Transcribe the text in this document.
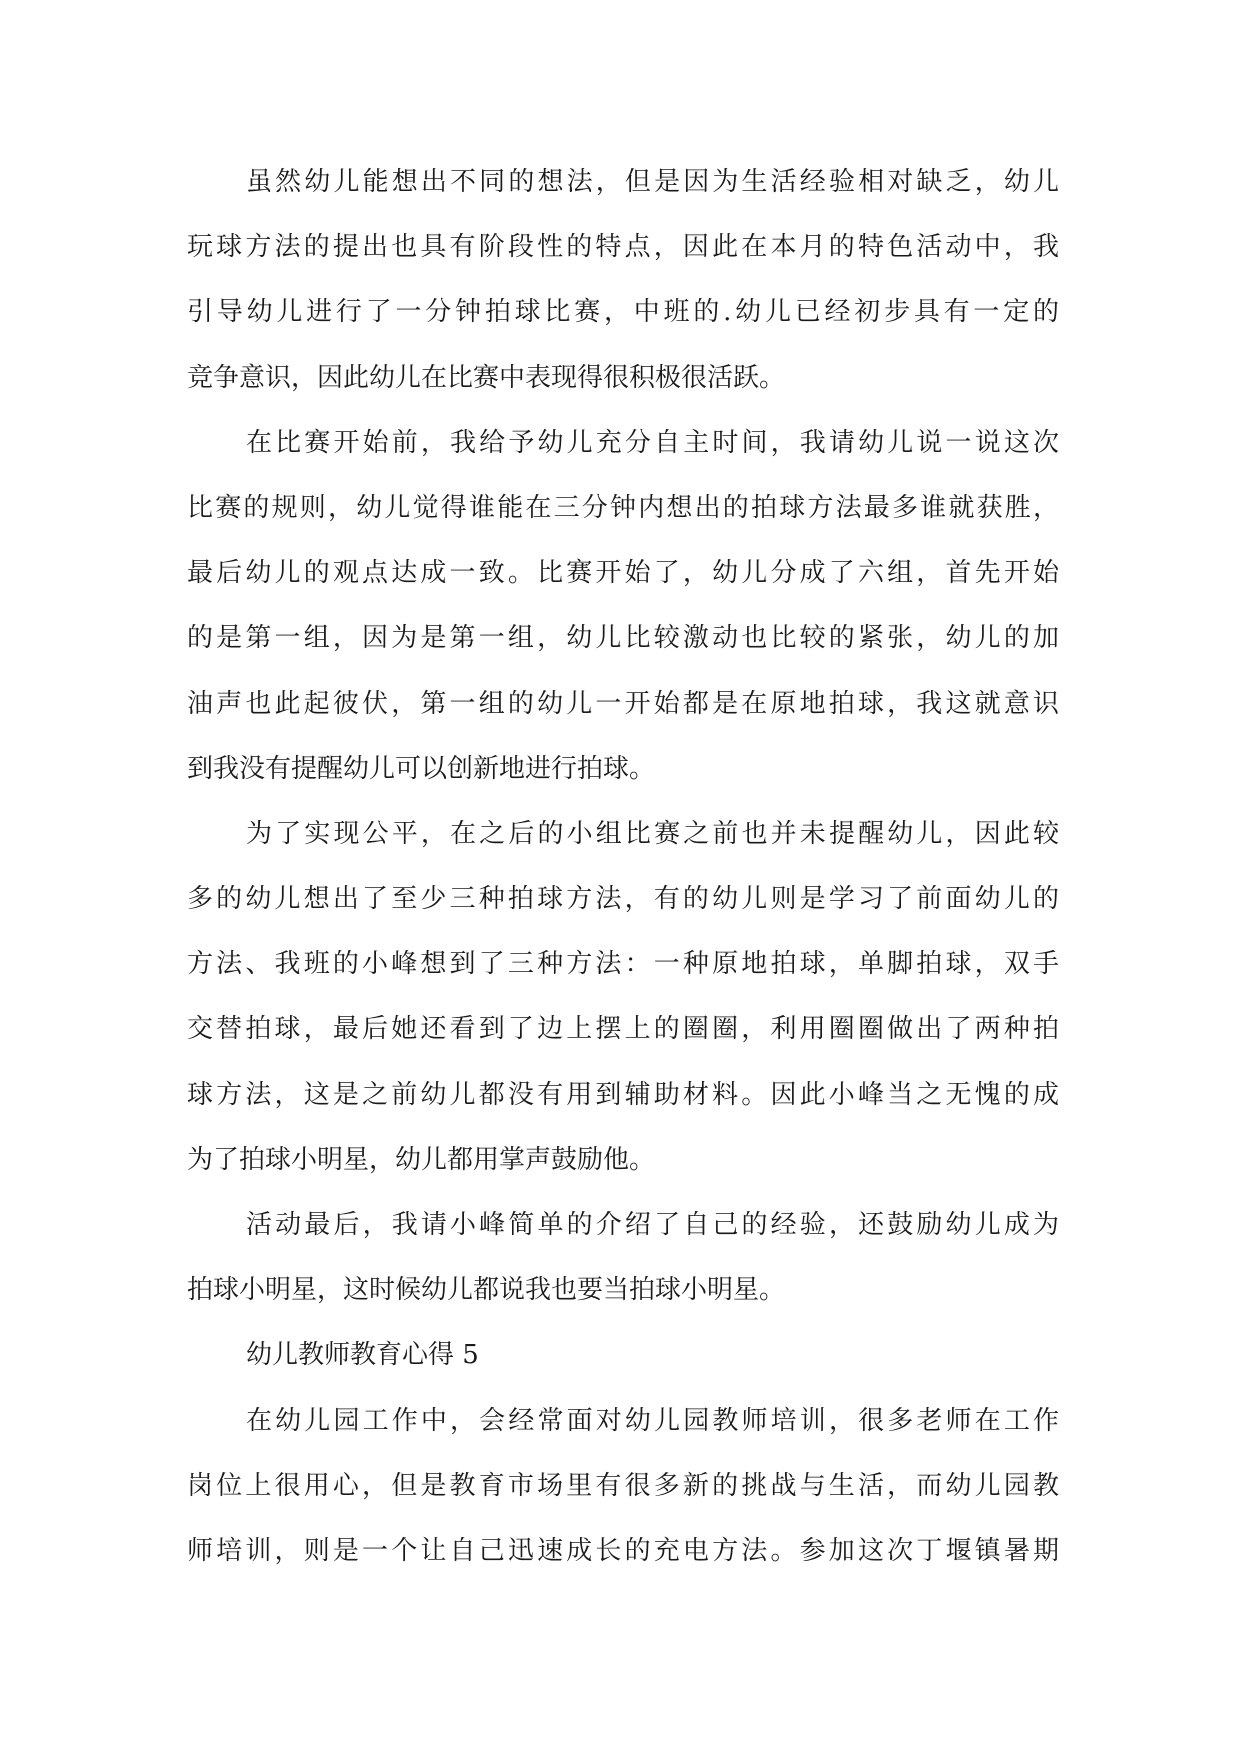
虽然幼儿能想出不同的想法，但是因为生活经验相对缺乏，幼儿
玩球方法的提出也具有阶段性的特点，因此在本月的特色活动中，我
引导幼儿进行了一分钟拍球比赛，中班的.幼儿已经初步具有一定的
竞争意识，因此幼儿在比赛中表现得很积极很活跃。
在比赛开始前，我给予幼儿充分自主时间，我请幼儿说一说这次
比赛的规则，幼儿觉得谁能在三分钟内想出的拍球方法最多谁就获胜，
最后幼儿的观点达成一致。比赛开始了，幼儿分成了六组，首先开始
的是第一组，因为是第一组，幼儿比较激动也比较的紧张，幼儿的加
油声也此起彼伏，第一组的幼儿一开始都是在原地拍球，我这就意识
到我没有提醒幼儿可以创新地进行拍球。
为了实现公平，在之后的小组比赛之前也并未提醒幼儿，因此较
多的幼儿想出了至少三种拍球方法，有的幼儿则是学习了前面幼儿的
方法、我班的小峰想到了三种方法：一种原地拍球，单脚拍球，双手
交替拍球，最后她还看到了边上摆上的圈圈，利用圈圈做出了两种拍
球方法，这是之前幼儿都没有用到辅助材料。因此小峰当之无愧的成
为了拍球小明星，幼儿都用掌声鼓励他。
活动最后，我请小峰简单的介绍了自己的经验，还鼓励幼儿成为
拍球小明星，这时候幼儿都说我也要当拍球小明星。
幼儿教师教育心得 5
在幼儿园工作中，会经常面对幼儿园教师培训，很多老师在工作
岗位上很用心，但是教育市场里有很多新的挑战与生活，而幼儿园教
师培训，则是一个让自己迅速成长的充电方法。参加这次丁堰镇暑期
